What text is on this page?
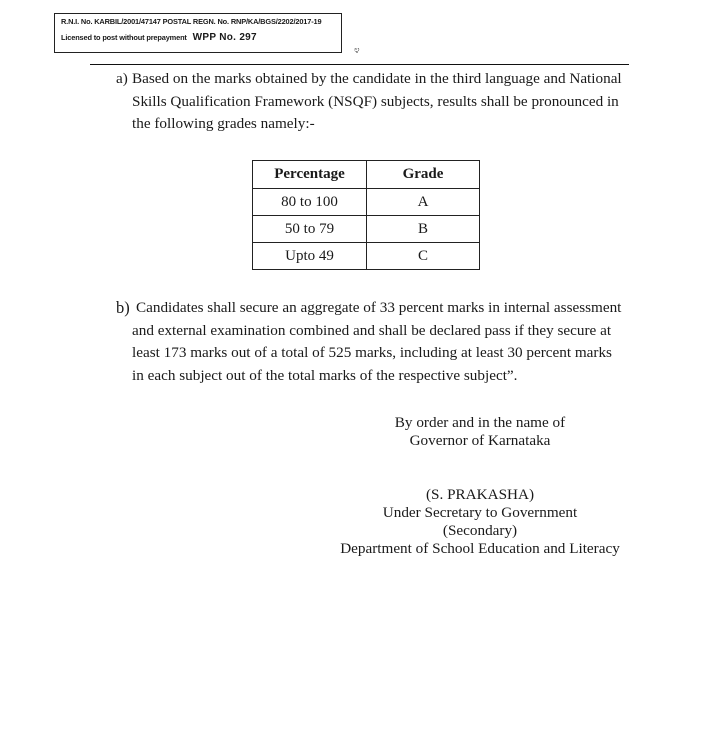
R.N.I. No. KARBIL/2001/47147 POSTAL REGN. No. RNP/KA/BGS/2202/2017-19
Licensed to post without prepayment WPP No. 297
೪
a) Based on the marks obtained by the candidate in the third language and National
Skills Qualification Framework (NSQF) subjects, results shall be pronounced in
the following grades namely:-
Percentage	Grade
80 to 100	A
50 to 79	B
Upto 49	C
b) Candidates shall secure an aggregate of 33 percent marks in internal assessment
and external examination combined and shall be declared pass if they secure at
least 173 marks out of a total of 525 marks, including at least 30 percent marks
in each subject out of the total marks of the respective subject”.
By order and in the name of
Governor of Karnataka
(S. PRAKASHA)
Under Secretary to Government
(Secondary)
Department of School Education and Literacy
